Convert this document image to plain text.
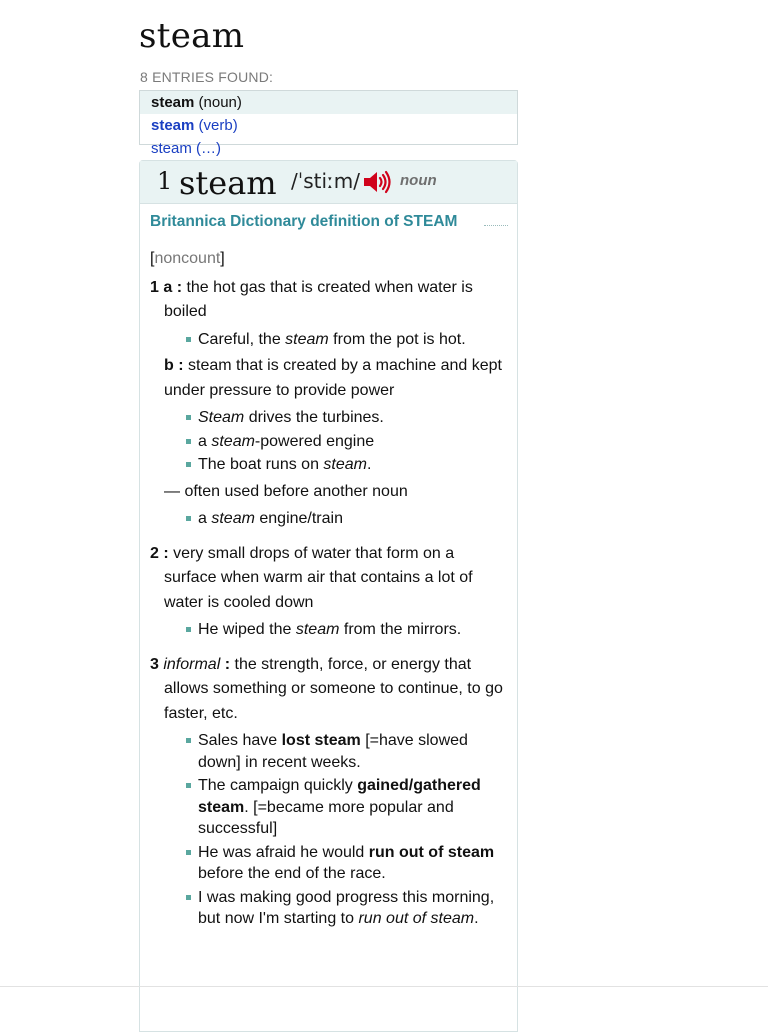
steam
8 ENTRIES FOUND:
steam (noun)
steam (verb)
steam (…)
1 steam /ˈstiːm/	noun
Britannica Dictionary definition of STEAM
[noncount]
1 a : the hot gas that is created when water is boiled
Careful, the steam from the pot is hot.
b : steam that is created by a machine and kept under pressure to provide power
Steam drives the turbines.
a steam-powered engine
The boat runs on steam.
— often used before another noun
a steam engine/train
2 : very small drops of water that form on a surface when warm air that contains a lot of water is cooled down
He wiped the steam from the mirrors.
3 informal : the strength, force, or energy that allows something or someone to continue, to go faster, etc.
Sales have lost steam [=have slowed down] in recent weeks.
The campaign quickly gained/gathered steam. [=became more popular and successful]
He was afraid he would run out of steam before the end of the race.
I was making good progress this morning, but now I'm starting to run out of steam.
